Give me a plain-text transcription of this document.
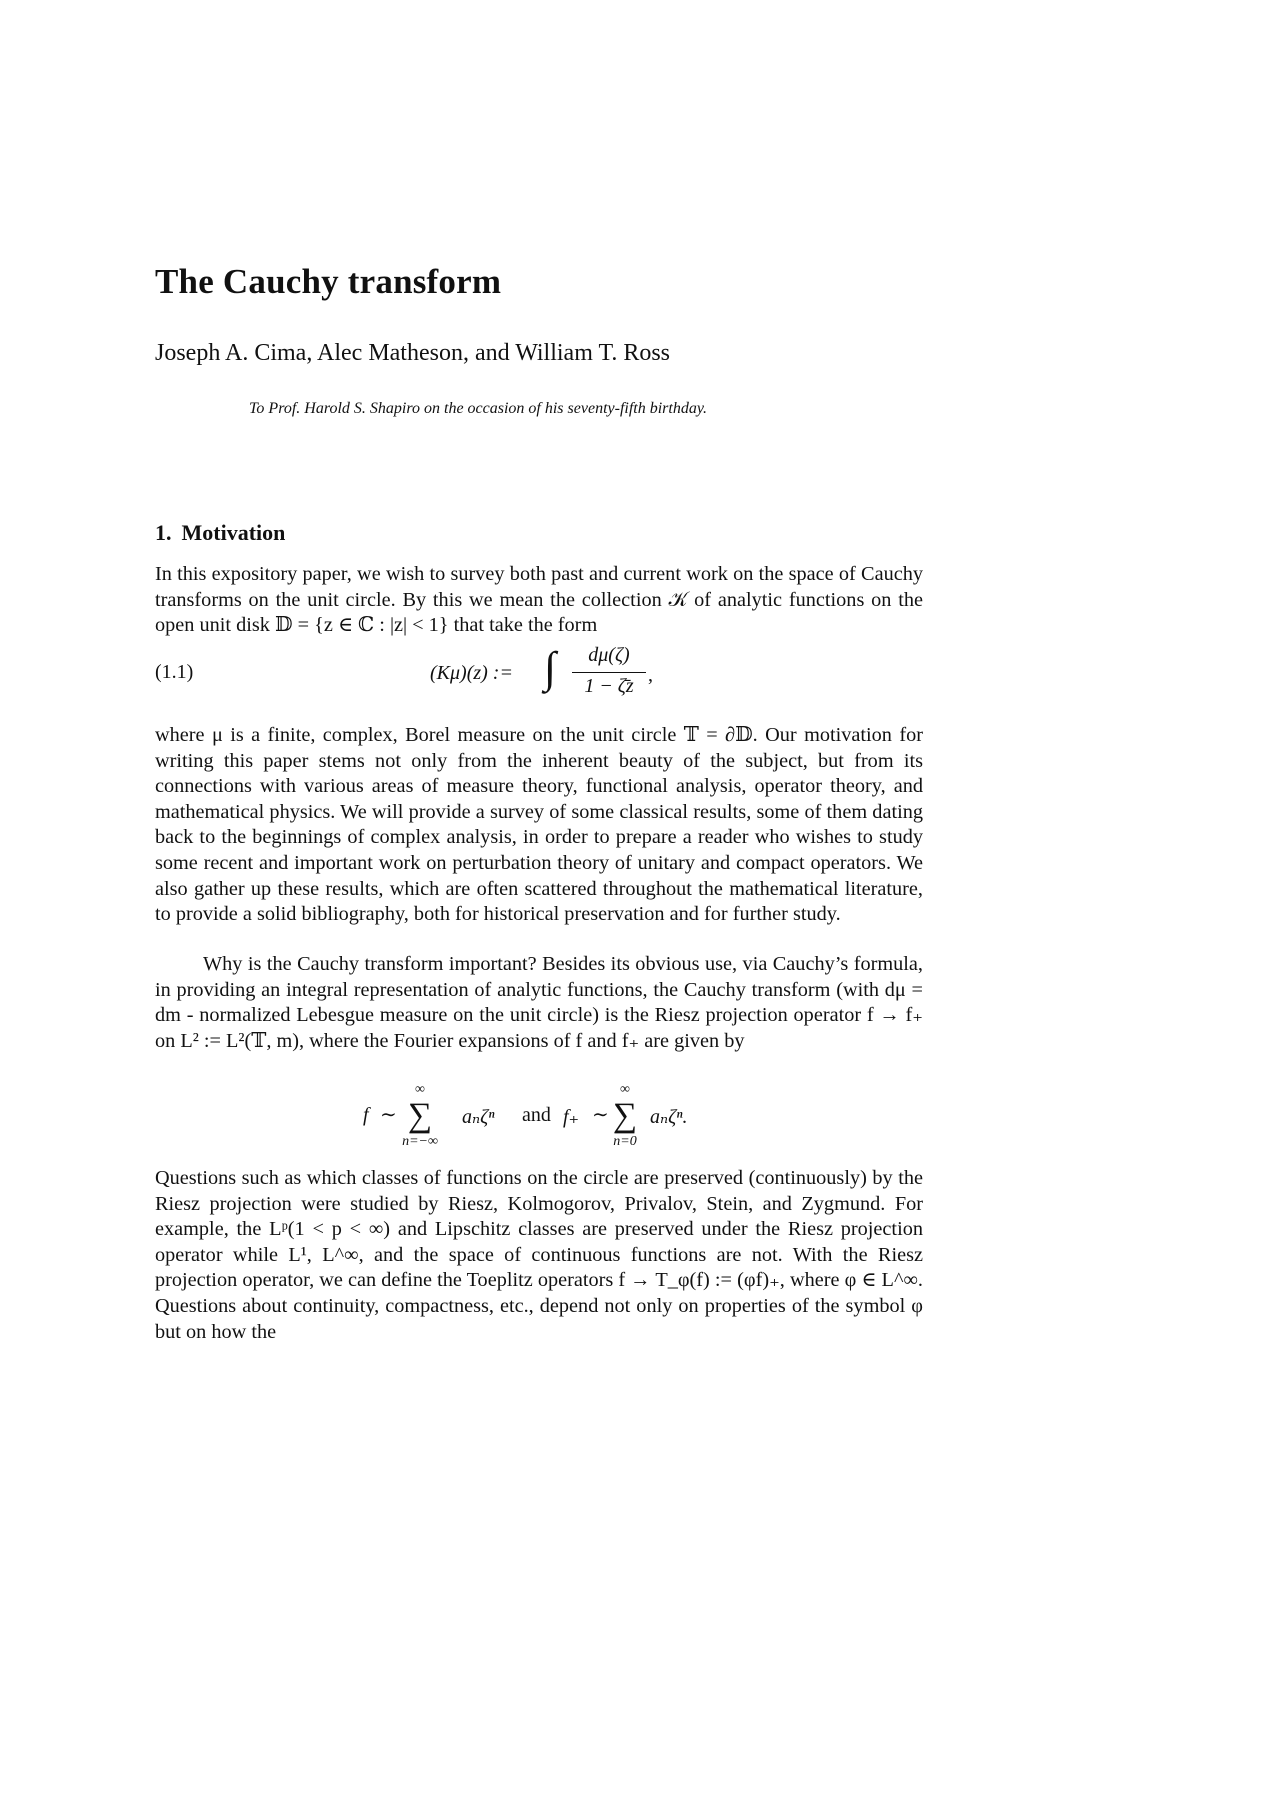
The Cauchy transform
Joseph A. Cima, Alec Matheson, and William T. Ross
To Prof. Harold S. Shapiro on the occasion of his seventy-fifth birthday.
1. Motivation
In this expository paper, we wish to survey both past and current work on the space of Cauchy transforms on the unit circle. By this we mean the collection 𝒦 of analytic functions on the open unit disk 𝔻 = {z ∈ ℂ : |z| < 1} that take the form
(1.1)	(Kμ)(z) := ∫	dμ(ζ)
1 − ζ̄z ,
where μ is a finite, complex, Borel measure on the unit circle 𝕋 = ∂𝔻. Our motivation for writing this paper stems not only from the inherent beauty of the subject, but from its connections with various areas of measure theory, functional analysis, operator theory, and mathematical physics. We will provide a survey of some classical results, some of them dating back to the beginnings of complex analysis, in order to prepare a reader who wishes to study some recent and important work on perturbation theory of unitary and compact operators. We also gather up these results, which are often scattered throughout the mathematical literature, to provide a solid bibliography, both for historical preservation and for further study.
Why is the Cauchy transform important? Besides its obvious use, via Cauchy’s formula, in providing an integral representation of analytic functions, the Cauchy transform (with dμ = dm - normalized Lebesgue measure on the unit circle) is the Riesz projection operator f → f₊ on L² := L²(𝕋, m), where the Fourier expansions of f and f₊ are given by
f ∼
∞
∑
n=−∞
aₙζⁿ and f₊ ∼
∞
∑
n=0
aₙζⁿ.
Questions such as which classes of functions on the circle are preserved (continuously) by the Riesz projection were studied by Riesz, Kolmogorov, Privalov, Stein, and Zygmund. For example, the Lᵖ(1 < p < ∞) and Lipschitz classes are preserved under the Riesz projection operator while L¹, L^∞, and the space of continuous functions are not. With the Riesz projection operator, we can define the Toeplitz operators f → T_φ(f) := (φf)₊, where φ ∈ L^∞. Questions about continuity, compactness, etc., depend not only on properties of the symbol φ but on how the
